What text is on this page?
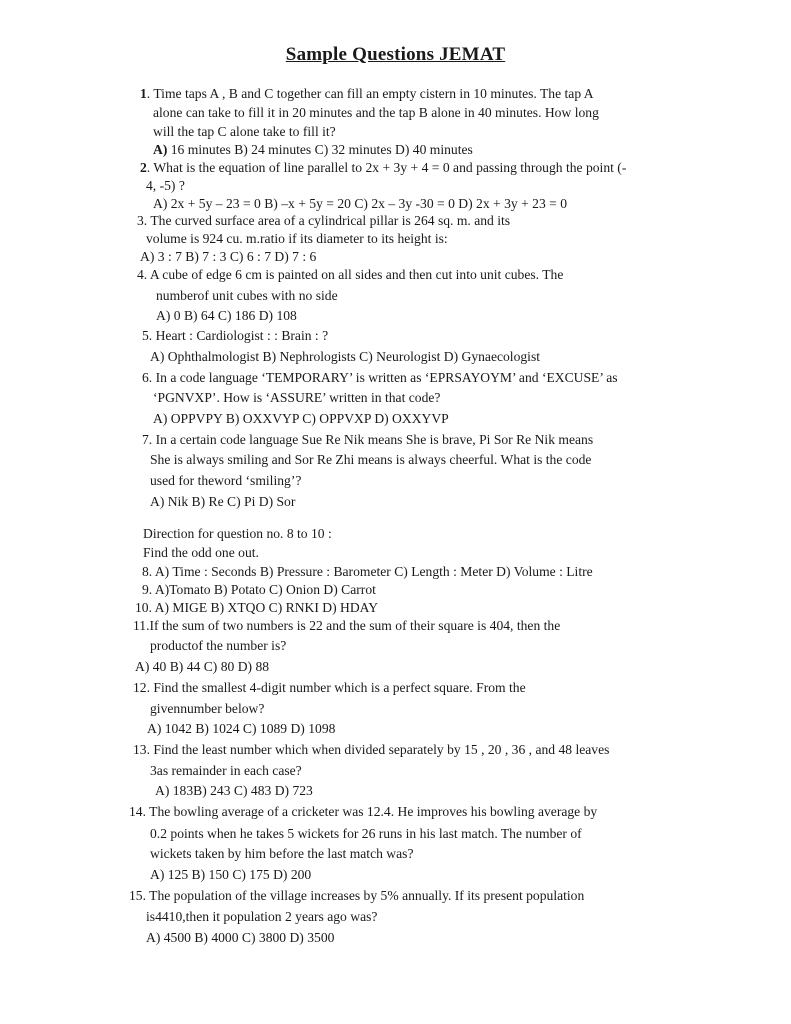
Sample Questions JEMAT
1. Time taps A , B and C together can fill an empty cistern in 10 minutes. The tap A
alone can take to fill it in 20 minutes and the tap B alone in 40 minutes. How long
will the tap C alone take to fill it?
A) 16 minutes B) 24 minutes C) 32 minutes D) 40 minutes
2. What is the equation of line parallel to 2x + 3y + 4 = 0 and passing through the point (-
4, -5) ?
A) 2x + 5y – 23 = 0 B) –x + 5y = 20 C) 2x – 3y -30 = 0 D) 2x + 3y + 23 = 0
3. The curved surface area of a cylindrical pillar is 264 sq. m. and its
volume is 924 cu. m.ratio if its diameter to its height is:
A) 3 : 7 B) 7 : 3 C) 6 : 7 D) 7 : 6
4. A cube of edge 6 cm is painted on all sides and then cut into unit cubes. The
numberof unit cubes with no side
A) 0 B) 64 C) 186 D) 108
5. Heart : Cardiologist : : Brain : ?
A) Ophthalmologist B) Nephrologists C) Neurologist D) Gynaecologist
6. In a code language ‘TEMPORARY’ is written as ‘EPRSAYOYM’ and ‘EXCUSE’ as
‘PGNVXP’. How is ‘ASSURE’ written in that code?
A) OPPVPY B) OXXVYP C) OPPVXP D) OXXYVP
7. In a certain code language Sue Re Nik means She is brave, Pi Sor Re Nik means
She is always smiling and Sor Re Zhi means is always cheerful. What is the code
used for theword ‘smiling’?
A) Nik B) Re C) Pi D) Sor
Direction for question no. 8 to 10 :
Find the odd one out.
8. A) Time : Seconds B) Pressure : Barometer C) Length : Meter D) Volume : Litre
9. A)Tomato B) Potato C) Onion D) Carrot
10. A) MIGE B) XTQO C) RNKI D) HDAY
11.If the sum of two numbers is 22 and the sum of their square is 404, then the
productof the number is?
A) 40 B) 44 C) 80 D) 88
12. Find the smallest 4-digit number which is a perfect square. From the
givennumber below?
A) 1042 B) 1024 C) 1089 D) 1098
13. Find the least number which when divided separately by 15 , 20 , 36 , and 48 leaves
3as remainder in each case?
A) 183B) 243 C) 483 D) 723
14. The bowling average of a cricketer was 12.4. He improves his bowling average by
0.2 points when he takes 5 wickets for 26 runs in his last match. The number of
wickets taken by him before the last match was?
A) 125 B) 150 C) 175 D) 200
15. The population of the village increases by 5% annually. If its present population
is4410,then it population 2 years ago was?
A) 4500 B) 4000 C) 3800 D) 3500
